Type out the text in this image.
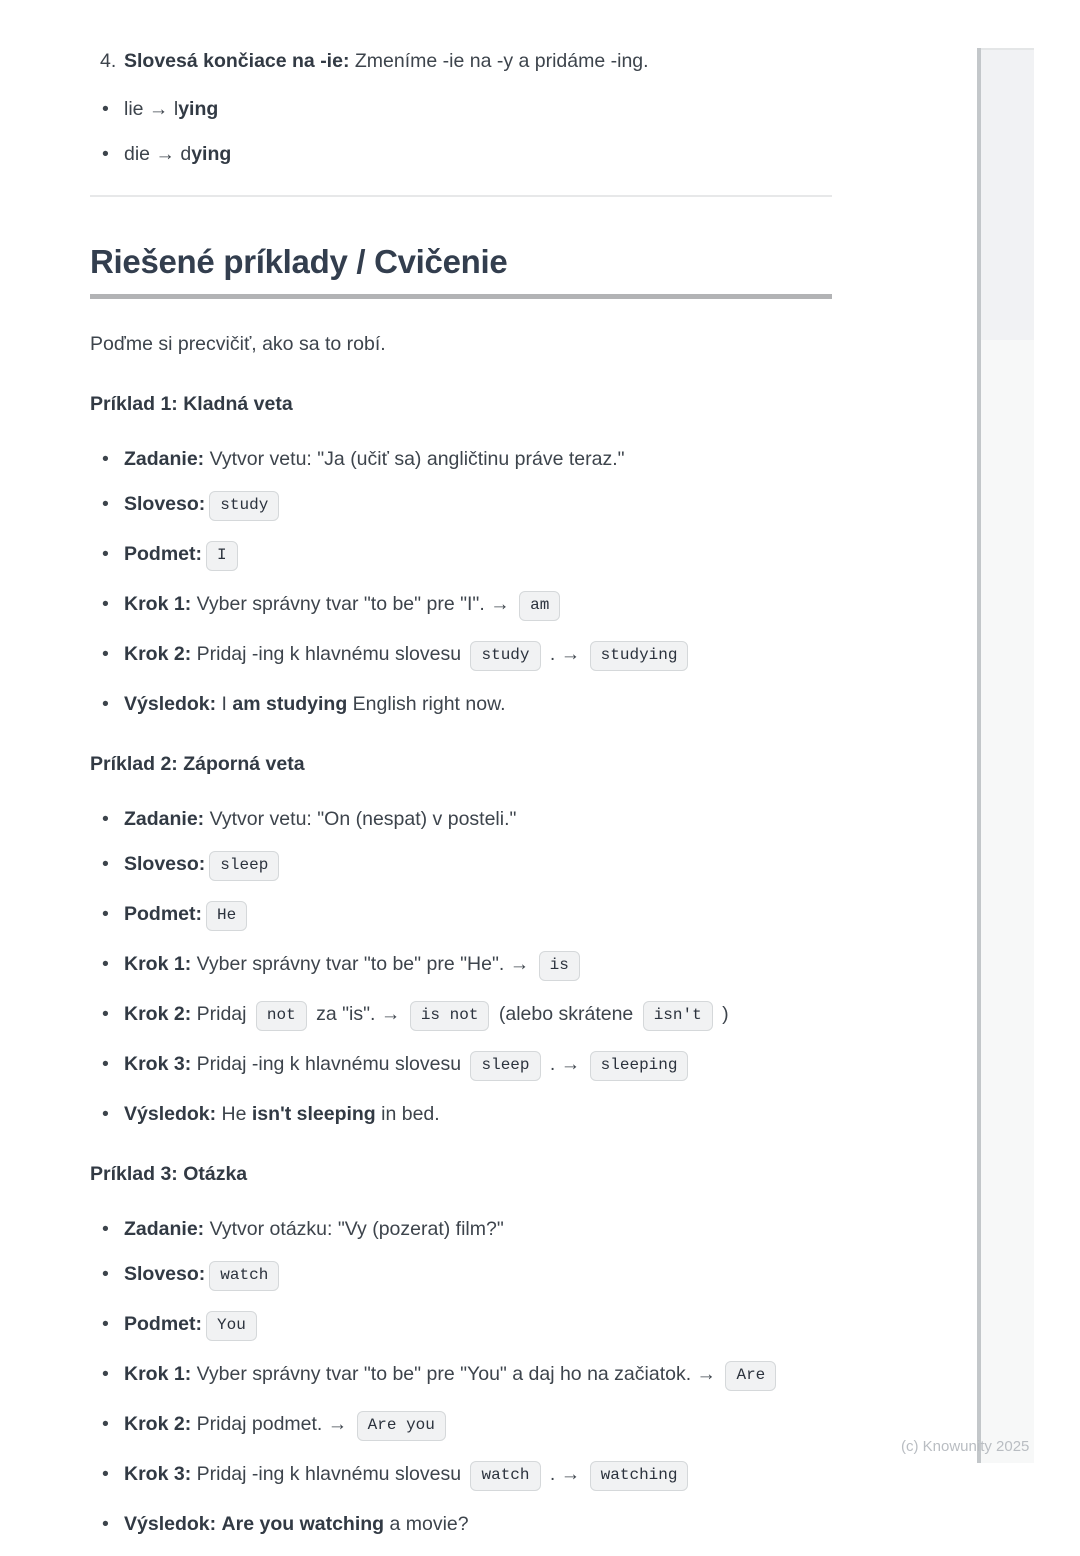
4. Slovesá končiace na -ie: Zmeníme -ie na -y a pridáme -ing.
• lie → lying
• die → dying
Riešené príklady / Cvičenie

Poďme si precvičiť, ako sa to robí.

Príklad 1: Kladná veta

• Zadanie: Vytvor vetu: "Ja (učiť sa) angličtinu práve teraz."
• Sloveso: study
• Podmet: I
• Krok 1: Vyber správny tvar "to be" pre "I". → am
• Krok 2: Pridaj -ing k hlavnému slovesu study . → studying
• Výsledok: I am studying English right now.

Príklad 2: Záporná veta

• Zadanie: Vytvor vetu: "On (nespat) v posteli."
• Sloveso: sleep
• Podmet: He
• Krok 1: Vyber správny tvar "to be" pre "He". → is
• Krok 2: Pridaj not za "is". → is not (alebo skrátene isn't )
• Krok 3: Pridaj -ing k hlavnému slovesu sleep . → sleeping
• Výsledok: He isn't sleeping in bed.

Príklad 3: Otázka

• Zadanie: Vytvor otázku: "Vy (pozerat) film?"
• Sloveso: watch
• Podmet: You
• Krok 1: Vyber správny tvar "to be" pre "You" a daj ho na začiatok. → Are
• Krok 2: Pridaj podmet. → Are you
• Krok 3: Pridaj -ing k hlavnému slovesu watch . → watching
• Výsledok: Are you watching a movie?
(c) Knowunity 2025
